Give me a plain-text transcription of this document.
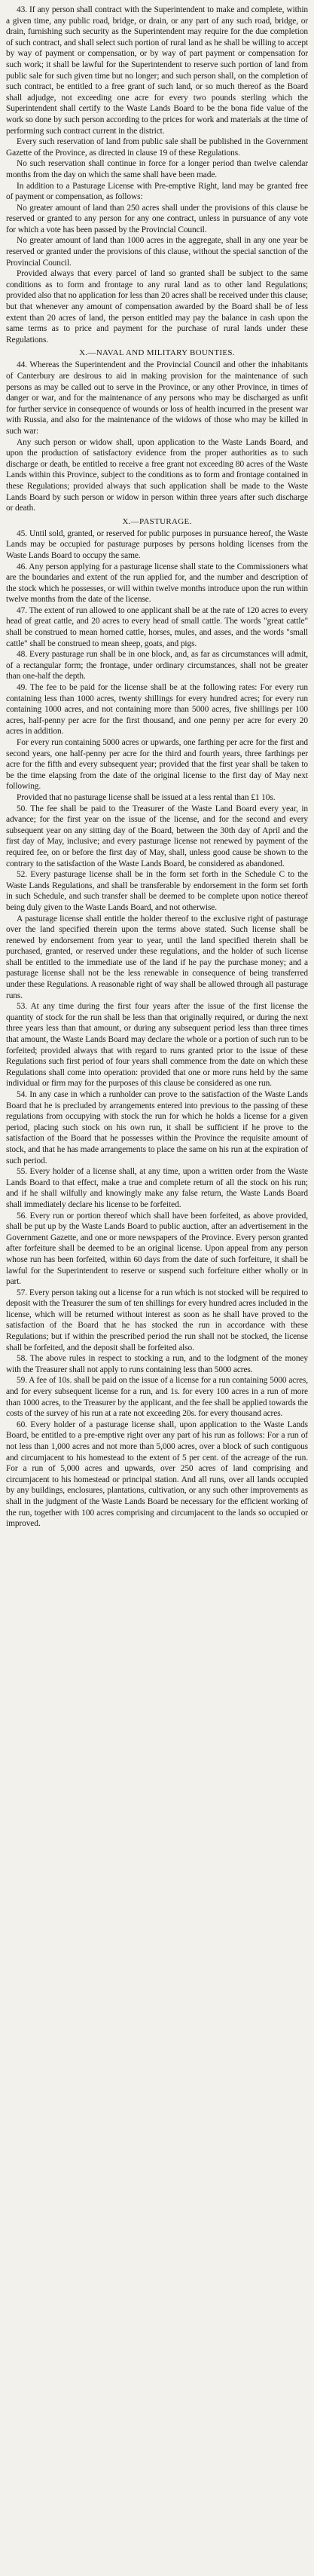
43. If any person shall contract with the Superintendent to make and complete, within a given time, any public road, bridge, or drain, or any part of any such road, bridge, or drain, furnishing such security as the Superintendent may require for the due completion of such contract, and shall select such portion of rural land as he shall be willing to accept by way of payment or compensation, or by way of part payment or compensation for such work; it shall be lawful for the Superintendent to reserve such portion of land from public sale for such given time but no longer; and such person shall, on the completion of such contract, be entitled to a free grant of such land, or so much thereof as the Board shall adjudge, not exceeding one acre for every two pounds sterling which the Superintendent shall certify to the Waste Lands Board to be the bona fide value of the work so done by such person according to the prices for work and materials at the time of performing such contract current in the district.

Every such reservation of land from public sale shall be published in the Government Gazette of the Province, as directed in clause 19 of these Regulations.

No such reservation shall continue in force for a longer period than twelve calendar months from the day on which the same shall have been made.

In addition to a Pasturage License with Pre-emptive Right, land may be granted free of payment or compensation, as follows:

No greater amount of land than 250 acres shall under the provisions of this clause be reserved or granted to any person for any one contract, unless in pursuance of any vote for which a vote has been passed by the Provincial Council.

No greater amount of land than 1000 acres in the aggregate, shall in any one year be reserved or granted under the provisions of this clause, without the special sanction of the Provincial Council.

Provided always that every parcel of land so granted shall be subject to the same conditions as to form and frontage to any rural land as to other land Regulations; provided also that no application for less than 20 acres shall be received under this clause; but that whenever any amount of compensation awarded by the Board shall be of less extent than 20 acres of land, the person entitled may pay the balance in cash upon the same terms as to price and payment for the purchase of rural lands under these Regulations.

X.—NAVAL AND MILITARY BOUNTIES.

44. Whereas the Superintendent and the Provincial Council and other the inhabitants of Canterbury are desirous to aid in making provision for the maintenance of such persons as may be called out to serve in the Province, or any other Province, in times of danger or war, and for the maintenance of any persons who may be discharged as unfit for further service in consequence of wounds or loss of health incurred in the present war with Russia, and also for the maintenance of the widows of those who may be killed in such war:

Any such person or widow shall, upon application to the Waste Lands Board, and upon the production of satisfactory evidence from the proper authorities as to such discharge or death, be entitled to receive a free grant not exceeding 80 acres of the Waste Lands within this Province, subject to the conditions as to form and frontage contained in these Regulations; provided always that such application shall be made to the Waste Lands Board by such person or widow in person within three years after such discharge or death.

X.—PASTURAGE.

45. Until sold, granted, or reserved for public purposes in pursuance hereof, the Waste Lands may be occupied for pasturage purposes by persons holding licenses from the Waste Lands Board to occupy the same.

46. Any person applying for a pasturage license shall state to the Commissioners what are the boundaries and extent of the run applied for, and the number and description of the stock which he possesses, or will within twelve months introduce upon the run within twelve months from the date of the license.

47. The extent of run allowed to one applicant shall be at the rate of 120 acres to every head of great cattle, and 20 acres to every head of small cattle. The words "great cattle" shall be construed to mean horned cattle, horses, mules, and asses, and the words "small cattle" shall be construed to mean sheep, goats, and pigs.

48. Every pasturage run shall be in one block, and, as far as circumstances will admit, of a rectangular form; the frontage, under ordinary circumstances, shall not be greater than one-half the depth.

49. The fee to be paid for the license shall be at the following rates: For every run containing less than 1000 acres, twenty shillings for every hundred acres; for every run containing 1000 acres, and not containing more than 5000 acres, five shillings per 100 acres, half-penny per acre for the first thousand, and one penny per acre for every 20 acres in addition.

For every run containing 5000 acres or upwards, one farthing per acre for the first and second years, one half-penny per acre for the third and fourth years, three farthings per acre for the fifth and every subsequent year; provided that the first year shall be taken to be the time elapsing from the date of the original license to the first day of May next following.

Provided that no pasturage license shall be issued at a less rental than £1 10s.

50. The fee shall be paid to the Treasurer of the Waste Land Board every year, in advance; for the first year on the issue of the license, and for the second and every subsequent year on any sitting day of the Board, between the 30th day of April and the first day of May, inclusive; and every pasturage license not renewed by payment of the required fee, on or before the first day of May, shall, unless good cause be shown to the contrary to the satisfaction of the Waste Lands Board, be considered as abandoned.

52. Every pasturage license shall be in the form set forth in the Schedule C to the Waste Lands Regulations, and shall be transferable by endorsement in the form set forth in such Schedule, and such transfer shall be deemed to be complete upon notice thereof being duly given to the Waste Lands Board, and not otherwise.

A pasturage license shall entitle the holder thereof to the exclusive right of pasturage over the land specified therein upon the terms above stated. Such license shall be renewed by endorsement from year to year, until the land specified therein shall be purchased, granted, or reserved under these regulations, and the holder of such license shall be entitled to the immediate use of the land if he pay the purchase money; and a pasturage license shall not be the less renewable in consequence of being transferred under these Regulations. A reasonable right of way shall be allowed through all pasturage runs.

53. At any time during the first four years after the issue of the first license the quantity of stock for the run shall be less than that originally required, or during the next three years less than that amount, or during any subsequent period less than three times that amount, the Waste Lands Board may declare the whole or a portion of such run to be forfeited; provided always that with regard to runs granted prior to the issue of these Regulations such first period of four years shall commence from the date on which these Regulations shall come into operation: provided that one or more runs held by the same individual or firm may for the purposes of this clause be considered as one run.

54. In any case in which a runholder can prove to the satisfaction of the Waste Lands Board that he is precluded by arrangements entered into previous to the passing of these regulations from occupying with stock the run for which he holds a license for a given period, placing such stock on his own run, it shall be sufficient if he prove to the satisfaction of the Board that he possesses within the Province the requisite amount of stock, and that he has made arrangements to place the same on his run at the expiration of such period.

55. Every holder of a license shall, at any time, upon a written order from the Waste Lands Board to that effect, make a true and complete return of all the stock on his run; and if he shall wilfully and knowingly make any false return, the Waste Lands Board shall immediately declare his license to be forfeited.

56. Every run or portion thereof which shall have been forfeited, as above provided, shall be put up by the Waste Lands Board to public auction, after an advertisement in the Government Gazette, and one or more newspapers of the Province. Every person granted after forfeiture shall be deemed to be an original license. Upon appeal from any person whose run has been forfeited, within 60 days from the date of such forfeiture, it shall be lawful for the Superintendent to reserve or suspend such forfeiture either wholly or in part.

57. Every person taking out a license for a run which is not stocked will be required to deposit with the Treasurer the sum of ten shillings for every hundred acres included in the license, which will be returned without interest as soon as he shall have proved to the satisfaction of the Board that he has stocked the run in accordance with these Regulations; but if within the prescribed period the run shall not be stocked, the license shall be forfeited, and the deposit shall be forfeited also.

58. The above rules in respect to stocking a run, and to the lodgment of the money with the Treasurer shall not apply to runs containing less than 5000 acres.

59. A fee of 10s. shall be paid on the issue of a license for a run containing 5000 acres, and for every subsequent license for a run, and 1s. for every 100 acres in a run of more than 1000 acres, to the Treasurer by the applicant, and the fee shall be applied towards the costs of the survey of his run at a rate not exceeding 20s. for every thousand acres.

60. Every holder of a pasturage license shall, upon application to the Waste Lands Board, be entitled to a pre-emptive right over any part of his run as follows: For a run of not less than 1,000 acres and not more than 5,000 acres, over a block of such contiguous and circumjacent to his homestead to the extent of 5 per cent. of the acreage of the run. For a run of 5,000 acres and upwards, over 250 acres of land comprising and circumjacent to his homestead or principal station. And all runs, over all lands occupied by any buildings, enclosures, plantations, cultivation, or any such other improvements as shall in the judgment of the Waste Lands Board be necessary for the efficient working of the run, together with 100 acres comprising and circumjacent to the lands so occupied or improved.
